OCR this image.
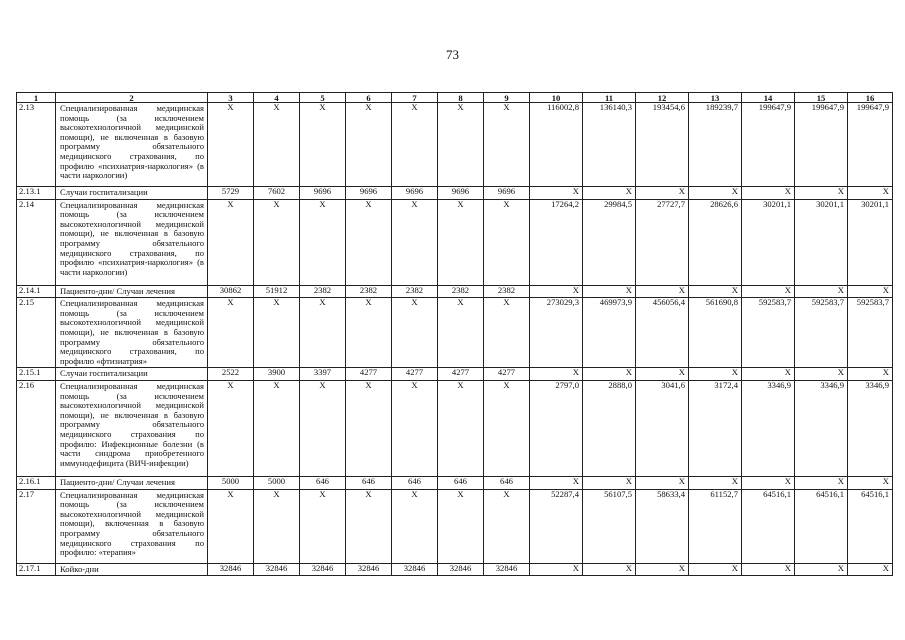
73
1	2	3	4	5	6	7	8	9	10	11	12	13	14	15	16
2.13	Специализированная медицинская помощь (за исключением высокотехнологичной медицинской помощи), не включенная в базовую программу обязательного медицинского страхования, по профилю «психиатрия-наркология» (в части наркологии)	Х	Х	Х	Х	Х	Х	Х	116002,8	136140,3	193454,6	189239,7	199647,9	199647,9	199647,9
2.13.1	Случаи госпитализации	5729	7602	9696	9696	9696	9696	9696	Х	Х	Х	Х	Х	Х	Х
2.14	Специализированная медицинская помощь (за исключением высокотехнологичной медицинской помощи), не включенная в базовую программу обязательного медицинского страхования, по профилю «психиатрия-наркология» (в части наркологии)	Х	Х	Х	Х	Х	Х	Х	17264,2	29984,5	27727,7	28626,6	30201,1	30201,1	30201,1
2.14.1	Пациенто-дни/ Случаи лечения	30862	51912	2382	2382	2382	2382	2382	Х	Х	Х	Х	Х	Х	Х
2.15	Специализированная медицинская помощь (за исключением высокотехнологичной медицинской помощи), не включенная в базовую программу обязательного медицинского страхования, по профилю «фтизиатрия»	Х	Х	Х	Х	Х	Х	Х	273029,3	469973,9	456056,4	561690,8	592583,7	592583,7	592583,7
2.15.1	Случаи госпитализации	2522	3900	3397	4277	4277	4277	4277	Х	Х	Х	Х	Х	Х	Х
2.16	Специализированная медицинская помощь (за исключением высокотехнологичной медицинской помощи), не включенная в базовую программу обязательного медицинского страхования по профилю: Инфекционные болезни (в части синдрома приобретенного иммунодефицита (ВИЧ-инфекции)	Х	Х	Х	Х	Х	Х	Х	2797,0	2888,0	3041,6	3172,4	3346,9	3346,9	3346,9
2.16.1	Пациенто-дни/ Случаи лечения	5000	5000	646	646	646	646	646	Х	Х	Х	Х	Х	Х	Х
2.17	Специализированная медицинская помощь (за исключением высокотехнологичной медицинской помощи), включенная в базовую программу обязательного медицинского страхования по профилю: «терапия»	Х	Х	Х	Х	Х	Х	Х	52287,4	56107,5	58633,4	61152,7	64516,1	64516,1	64516,1
2.17.1	Койко-дни	32846	32846	32846	32846	32846	32846	32846	Х	Х	Х	Х	Х	Х	Х
